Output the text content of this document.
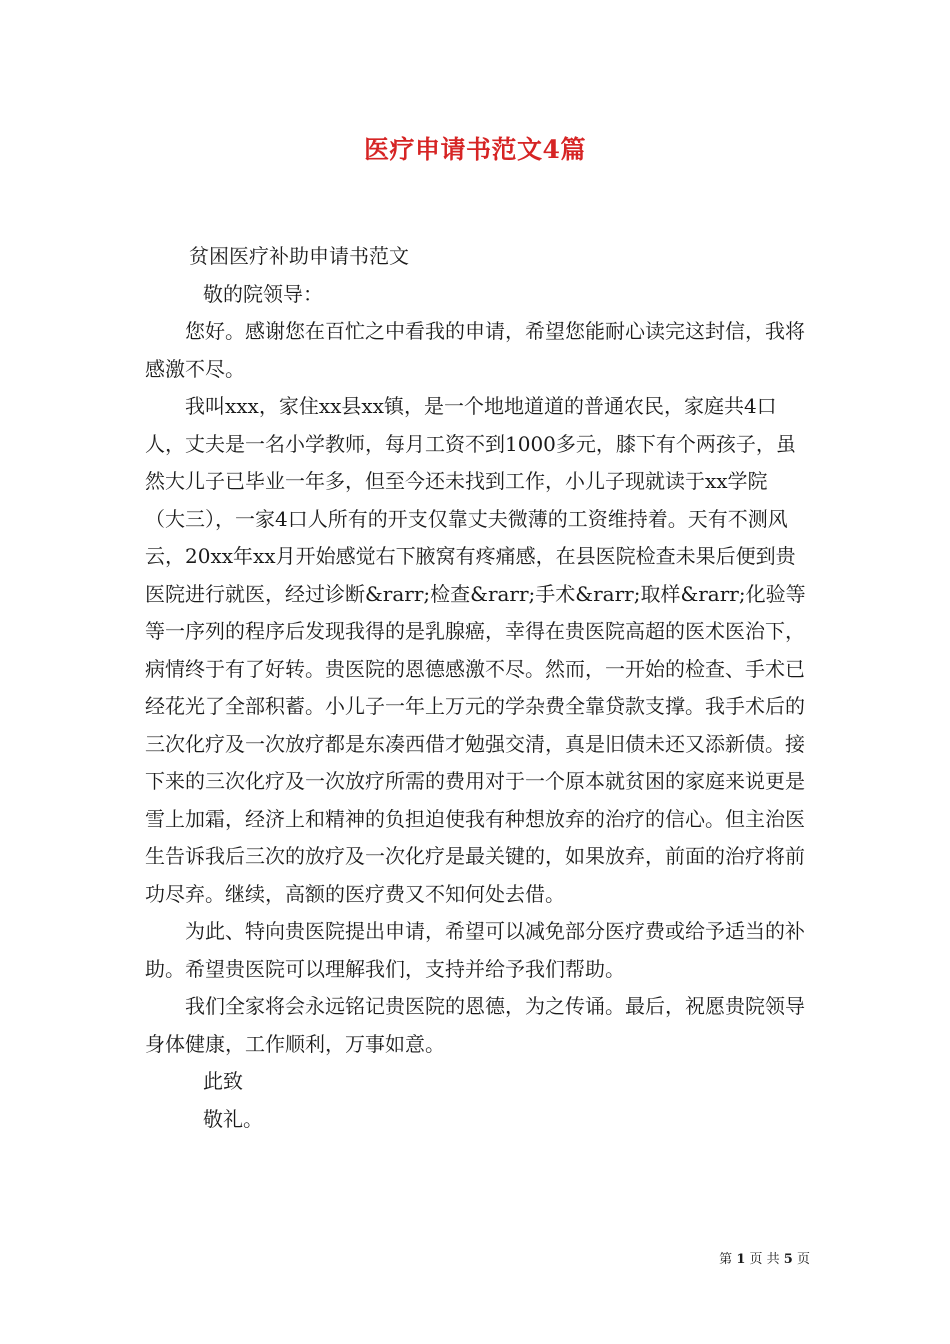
医疗申请书范文4篇

贫困医疗补助申请书范文

敬的院领导：

您好。感谢您在百忙之中看我的申请，希望您能耐心读完这封信，我将感激不尽。

我叫xxx，家住xx县xx镇，是一个地地道道的普通农民，家庭共4口人，丈夫是一名小学教师，每月工资不到1000多元，膝下有个两孩子，虽然大儿子已毕业一年多，但至今还未找到工作，小儿子现就读于xx学院（大三），一家4口人所有的开支仅靠丈夫微薄的工资维持着。天有不测风云，20xx年xx月开始感觉右下腋窝有疼痛感，在县医院检查未果后便到贵医院进行就医，经过诊断&rarr;检查&rarr;手术&rarr;取样&rarr;化验等等一序列的程序后发现我得的是乳腺癌，幸得在贵医院高超的医术医治下，病情终于有了好转。贵医院的恩德感激不尽。然而，一开始的检查、手术已经花光了全部积蓄。小儿子一年上万元的学杂费全靠贷款支撑。我手术后的三次化疗及一次放疗都是东凑西借才勉强交清，真是旧债未还又添新债。接下来的三次化疗及一次放疗所需的费用对于一个原本就贫困的家庭来说更是雪上加霜，经济上和精神的负担迫使我有种想放弃的治疗的信心。但主治医生告诉我后三次的放疗及一次化疗是最关键的，如果放弃，前面的治疗将前功尽弃。继续，高额的医疗费又不知何处去借。

为此、特向贵医院提出申请，希望可以减免部分医疗费或给予适当的补助。希望贵医院可以理解我们，支持并给予我们帮助。

我们全家将会永远铭记贵医院的恩德，为之传诵。最后，祝愿贵院领导身体健康，工作顺利，万事如意。

此致

敬礼。

第 1 页 共 5 页
